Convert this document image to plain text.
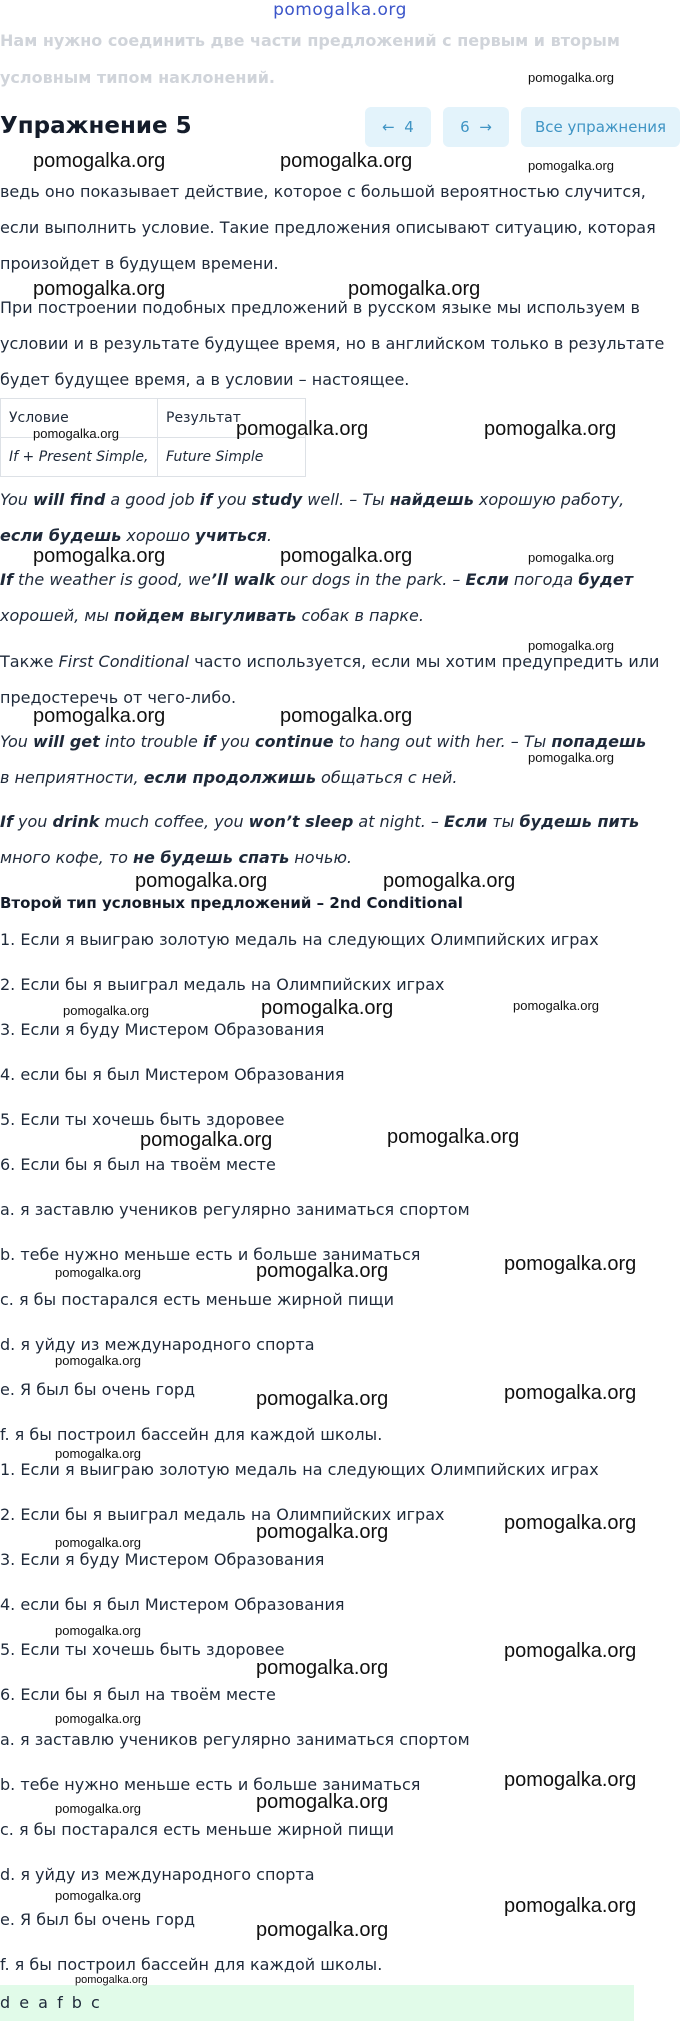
pomogalka.org
Нам нужно соединить две части предложений с первым и вторым условным типом наклонений.
Упражнение 5	← 4	6 →	Все упражнения
ведь оно показывает действие, которое с большой вероятностью случится, если выполнить условие. Такие предложения описывают ситуацию, которая произойдет в будущем времени.
При построении подобных предложений в русском языке мы используем в условии и в результате будущее время, но в английском только в результате будет будущее время, а в условии – настоящее.
Условие	Результат
If + Present Simple,	Future Simple
You will find a good job if you study well. – Ты найдешь хорошую работу, если будешь хорошо учиться.
If the weather is good, we’ll walk our dogs in the park. – Если погода будет хорошей, мы пойдем выгуливать собак в парке.
Также First Conditional часто используется, если мы хотим предупредить или предостеречь от чего-либо.
You will get into trouble if you continue to hang out with her. – Ты попадешь в неприятности, если продолжишь общаться с ней.
If you drink much coffee, you won’t sleep at night. – Если ты будешь пить много кофе, то не будешь спать ночью.
Второй тип условных предложений – 2nd Conditional
1. Если я выиграю золотую медаль на следующих Олимпийских играх
2. Если бы я выиграл медаль на Олимпийских играх
3. Если я буду Мистером Образования
4. если бы я был Мистером Образования
5. Если ты хочешь быть здоровее
6. Если бы я был на твоём месте
a. я заставлю учеников регулярно заниматься спортом
b. тебе нужно меньше есть и больше заниматься
c. я бы постарался есть меньше жирной пищи
d. я уйду из международного спорта
e. Я был бы очень горд
f. я бы построил бассейн для каждой школы.
1. Если я выиграю золотую медаль на следующих Олимпийских играх
2. Если бы я выиграл медаль на Олимпийских играх
3. Если я буду Мистером Образования
4. если бы я был Мистером Образования
5. Если ты хочешь быть здоровее
6. Если бы я был на твоём месте
a. я заставлю учеников регулярно заниматься спортом
b. тебе нужно меньше есть и больше заниматься
c. я бы постарался есть меньше жирной пищи
d. я уйду из международного спорта
e. Я был бы очень горд
f. я бы построил бассейн для каждой школы.
d e a f b c
pomogalka.org
pomogalka.org	pomogalka.org	pomogalka.org
pomogalka.org	pomogalka.org
pomogalka.org	pomogalka.org	pomogalka.org
pomogalka.org	pomogalka.org	pomogalka.org
pomogalka.org
pomogalka.org	pomogalka.org
pomogalka.org
pomogalka.org	pomogalka.org
pomogalka.org	pomogalka.org	pomogalka.org
pomogalka.org	pomogalka.org
pomogalka.org	pomogalka.org	pomogalka.org
pomogalka.org
pomogalka.org	pomogalka.org
pomogalka.org
pomogalka.org	pomogalka.org	pomogalka.org
pomogalka.org
pomogalka.org
pomogalka.org
pomogalka.org
pomogalka.org
pomogalka.org
pomogalka.org
pomogalka.org	pomogalka.org
pomogalka.org
pomogalka.org
